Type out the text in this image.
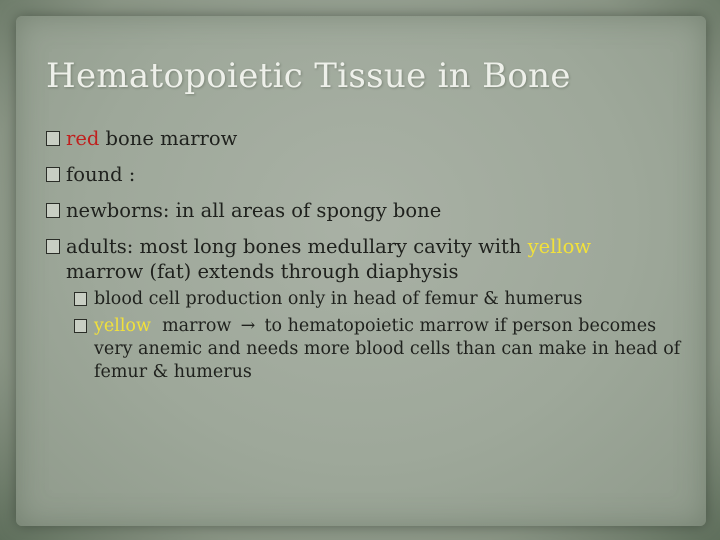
Hematopoietic Tissue in Bone
red bone marrow
found :
newborns: in all areas of spongy bone
adults: most long bones medullary cavity with yellow
marrow (fat) extends through diaphysis
blood cell production only in head of femur & humerus
yellow  marrow → to hematopoietic marrow if person becomes very anemic and needs more blood cells than can make in head of femur & humerus
